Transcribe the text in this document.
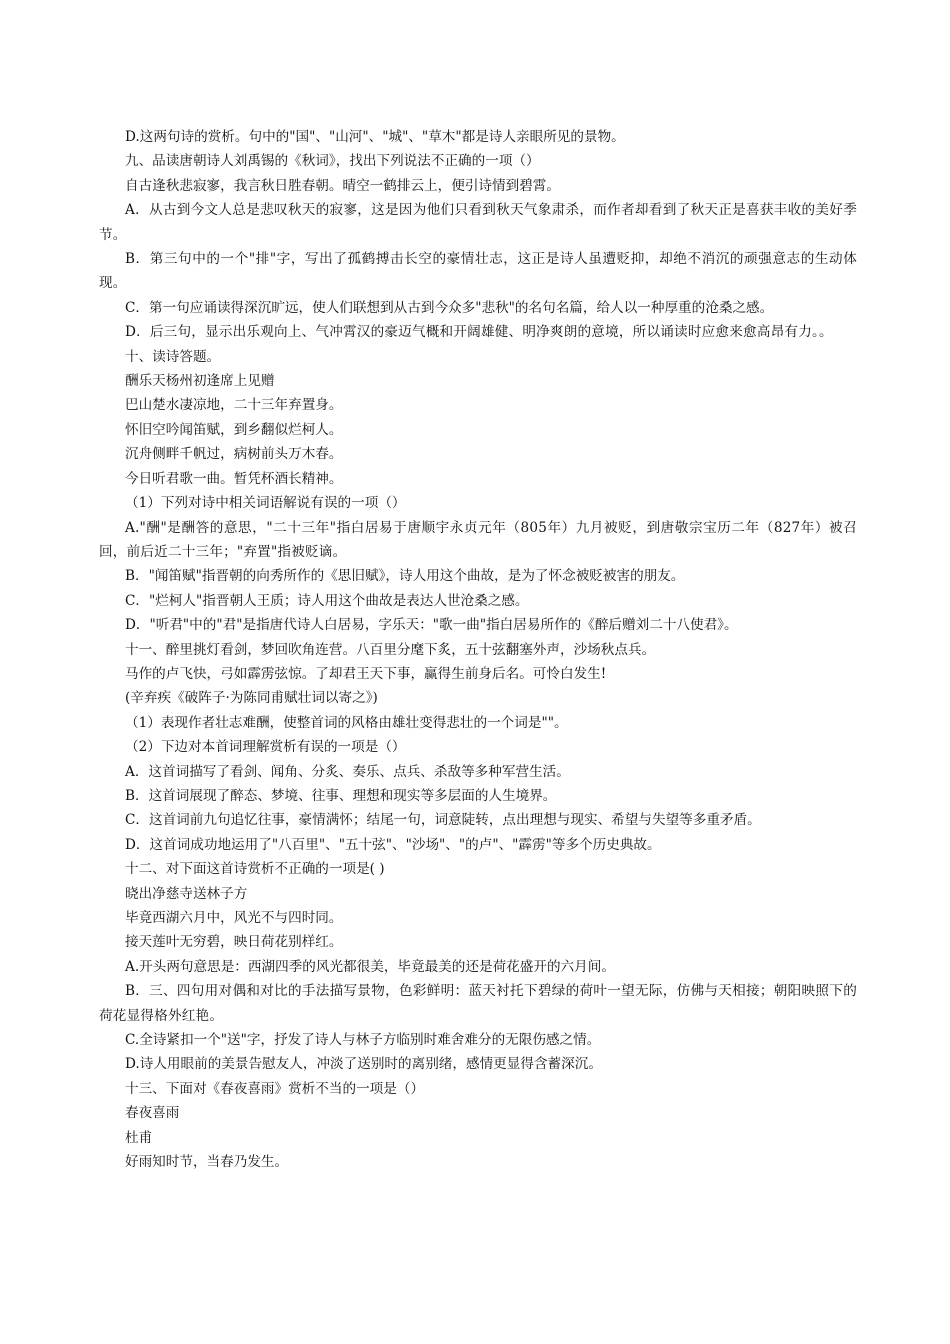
D.这两句诗的赏析。句中的"国"、"山河"、"城"、"草木"都是诗人亲眼所见的景物。
九、品读唐朝诗人刘禹锡的《秋词》，找出下列说法不正确的一项（）
自古逢秋悲寂寥，我言秋日胜春朝。晴空一鹤排云上，便引诗情到碧霄。
A．从古到今文人总是悲叹秋天的寂寥，这是因为他们只看到秋天气象肃杀，而作者却看到了秋天正是喜获丰收的美好季节。
B．第三句中的一个"排"字，写出了孤鹤搏击长空的豪情壮志，这正是诗人虽遭贬抑，却绝不消沉的顽强意志的生动体现。
C．第一句应诵读得深沉旷远，使人们联想到从古到今众多"悲秋"的名句名篇，给人以一种厚重的沧桑之感。
D．后三句，显示出乐观向上、气冲霄汉的豪迈气概和开阔雄健、明净爽朗的意境，所以诵读时应愈来愈高昂有力。。
十、读诗答题。
酬乐天杨州初逢席上见赠
巴山楚水凄凉地，二十三年弃置身。
怀旧空吟闻笛赋，到乡翻似烂柯人。
沉舟侧畔千帆过，病树前头万木春。
今日听君歌一曲。暂凭杯酒长精神。
（1）下列对诗中相关词语解说有误的一项（）
A."酬"是酬答的意思，"二十三年"指白居易于唐顺宇永贞元年（805年）九月被贬，到唐敬宗宝历二年（827年）被召回，前后近二十三年；"弃置"指被贬谪。
B．"闻笛赋"指晋朝的向秀所作的《思旧赋》，诗人用这个曲故，是为了怀念被贬被害的朋友。
C．"烂柯人"指晋朝人王质；诗人用这个曲故是表达人世沧桑之感。
D．"听君"中的"君"是指唐代诗人白居易，字乐天："歌一曲"指白居易所作的《醉后赠刘二十八使君》。
十一、醉里挑灯看剑，梦回吹角连营。八百里分麾下炙，五十弦翻塞外声，沙场秋点兵。
马作的卢飞快，弓如霹雳弦惊。了却君王天下事，赢得生前身后名。可怜白发生!
(辛弃疾《破阵子·为陈同甫赋壮词以寄之》)
（1）表现作者壮志难酬，使整首词的风格由雄壮变得悲壮的一个词是""。
（2）下边对本首词理解赏析有误的一项是（）
A．这首词描写了看剑、闻角、分炙、奏乐、点兵、杀敌等多种军营生活。
B．这首词展现了醉态、梦境、往事、理想和现实等多层面的人生境界。
C．这首词前九句追忆往事，豪情满怀；结尾一句，词意陡转，点出理想与现实、希望与失望等多重矛盾。
D．这首词成功地运用了"八百里"、"五十弦"、"沙场"、"的卢"、"霹雳"等多个历史典故。
十二、对下面这首诗赏析不正确的一项是( )
晓出净慈寺送林子方
毕竟西湖六月中，风光不与四时同。
接天莲叶无穷碧，映日荷花别样红。
A.开头两句意思是：西湖四季的风光都很美，毕竟最美的还是荷花盛开的六月间。
B．三、四句用对偶和对比的手法描写景物，色彩鲜明：蓝天衬托下碧绿的荷叶一望无际，仿佛与天相接；朝阳映照下的荷花显得格外红艳。
C.全诗紧扣一个"送"字，抒发了诗人与林子方临别时难舍难分的无限伤感之情。
D.诗人用眼前的美景告慰友人，冲淡了送别时的离别绪，感情更显得含蓄深沉。
十三、下面对《春夜喜雨》赏析不当的一项是（）
春夜喜雨
杜甫
好雨知时节，当春乃发生。
